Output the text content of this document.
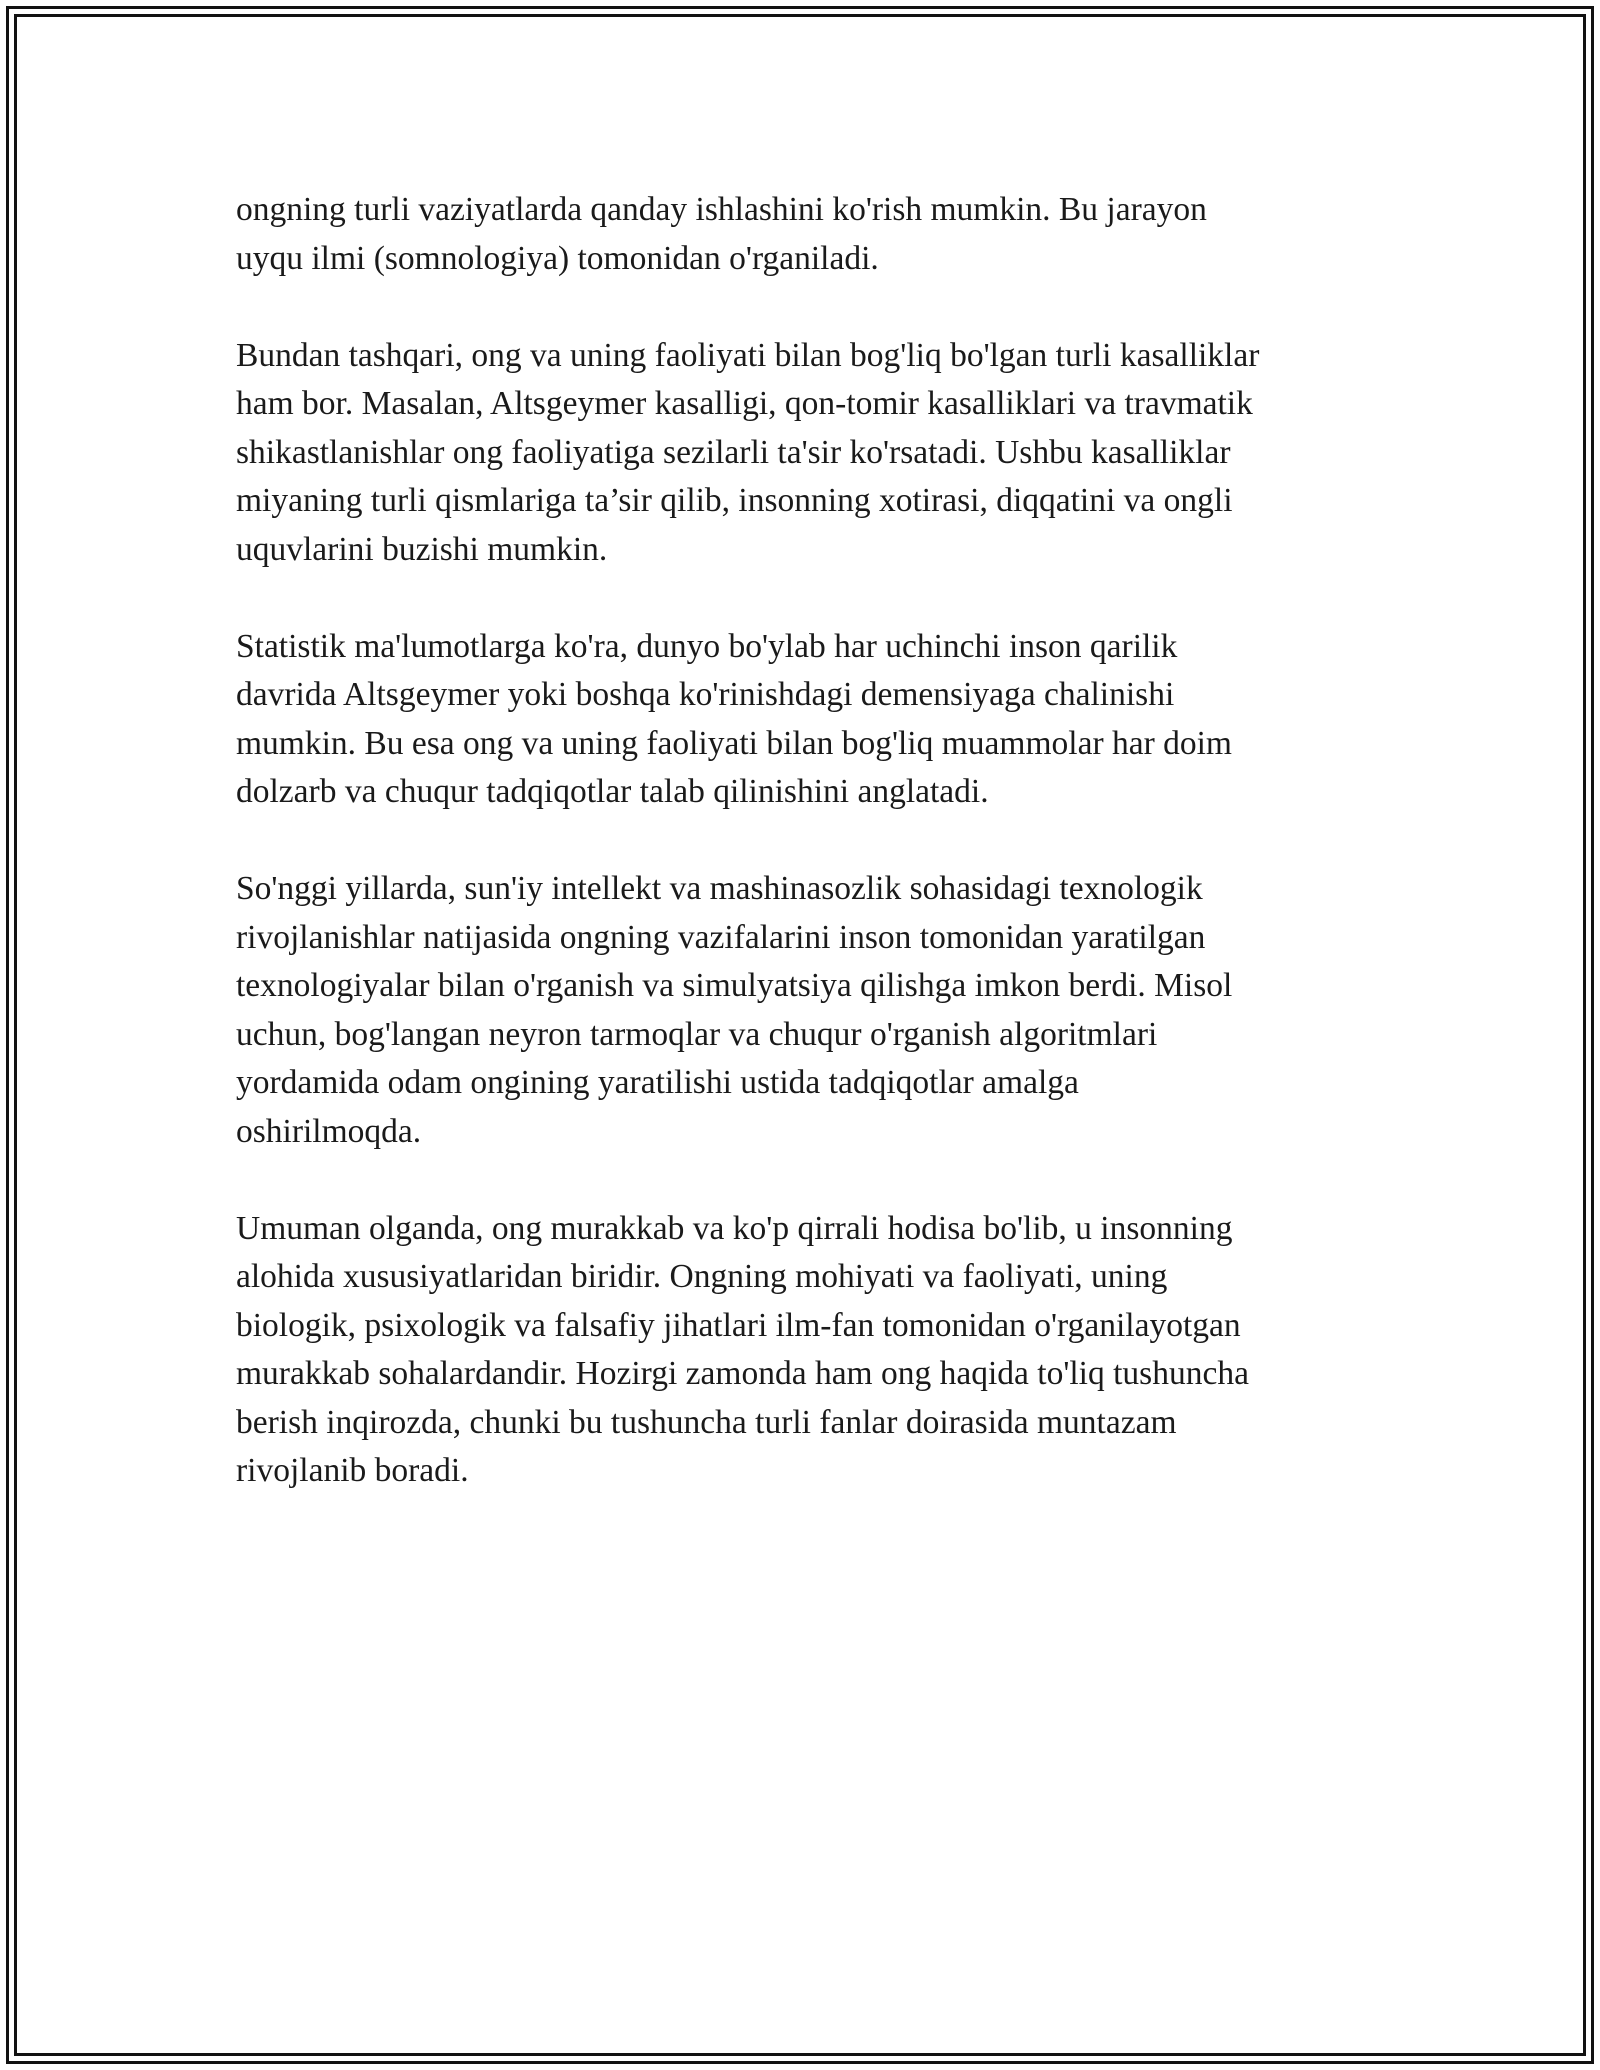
ongning turli vaziyatlarda qanday ishlashini ko'rish mumkin. Bu jarayon
uyqu ilmi (somnologiya) tomonidan o'rganiladi.

Bundan tashqari, ong va uning faoliyati bilan bog'liq bo'lgan turli kasalliklar
ham bor. Masalan, Altsgeymer kasalligi, qon-tomir kasalliklari va travmatik
shikastlanishlar ong faoliyatiga sezilarli ta'sir ko'rsatadi. Ushbu kasalliklar
miyaning turli qismlariga ta’sir qilib, insonning xotirasi, diqqatini va ongli
uquvlarini buzishi mumkin.

Statistik ma'lumotlarga ko'ra, dunyo bo'ylab har uchinchi inson qarilik
davrida Altsgeymer yoki boshqa ko'rinishdagi demensiyaga chalinishi
mumkin. Bu esa ong va uning faoliyati bilan bog'liq muammolar har doim
dolzarb va chuqur tadqiqotlar talab qilinishini anglatadi.

So'nggi yillarda, sun'iy intellekt va mashinasozlik sohasidagi texnologik
rivojlanishlar natijasida ongning vazifalarini inson tomonidan yaratilgan
texnologiyalar bilan o'rganish va simulyatsiya qilishga imkon berdi. Misol
uchun, bog'langan neyron tarmoqlar va chuqur o'rganish algoritmlari
yordamida odam ongining yaratilishi ustida tadqiqotlar amalga
oshirilmoqda.

Umuman olganda, ong murakkab va ko'p qirrali hodisa bo'lib, u insonning
alohida xususiyatlaridan biridir. Ongning mohiyati va faoliyati, uning
biologik, psixologik va falsafiy jihatlari ilm-fan tomonidan o'rganilayotgan
murakkab sohalardandir. Hozirgi zamonda ham ong haqida to'liq tushuncha
berish inqirozda, chunki bu tushuncha turli fanlar doirasida muntazam
rivojlanib boradi.
